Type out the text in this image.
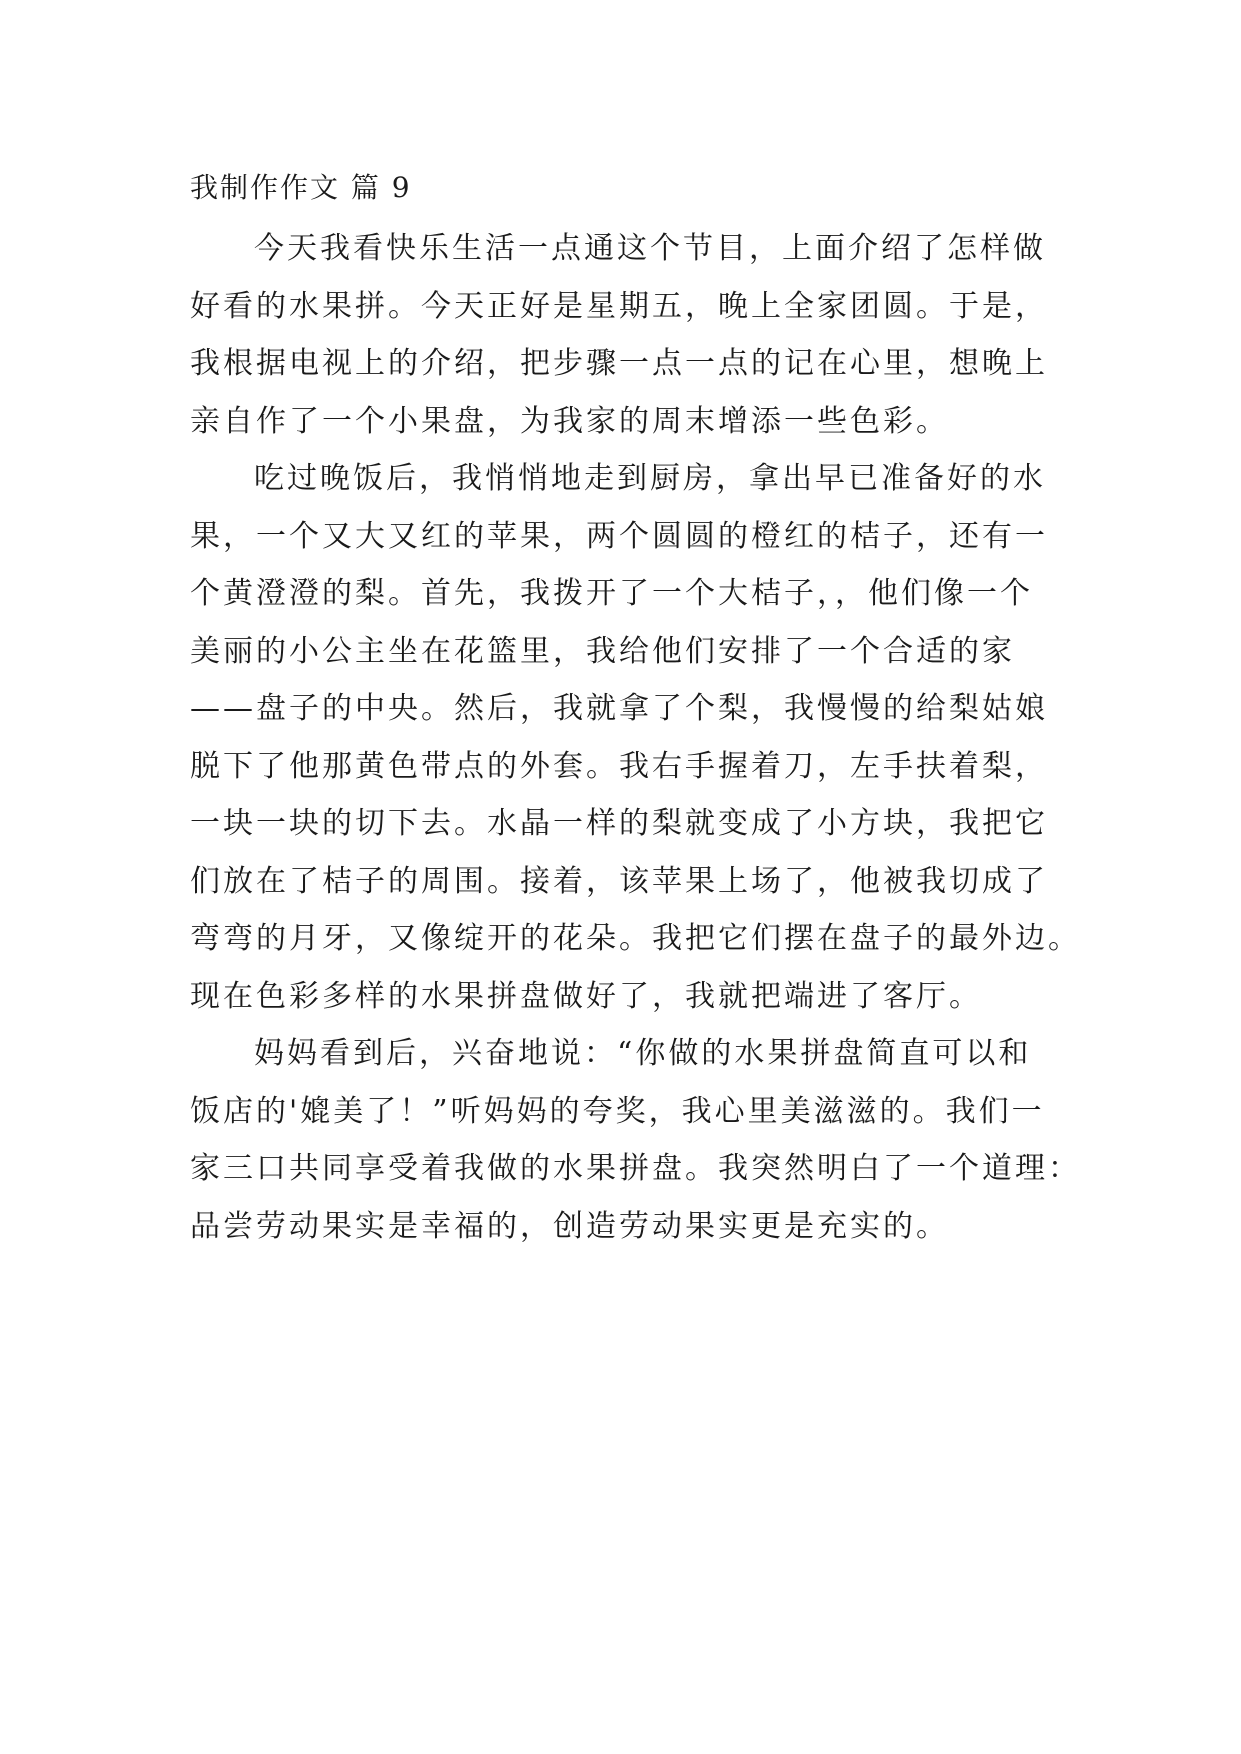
我制作作文 篇 9
今天我看快乐生活一点通这个节目，上面介绍了怎样做
好看的水果拼。今天正好是星期五，晚上全家团圆。于是，
我根据电视上的介绍，把步骤一点一点的记在心里，想晚上
亲自作了一个小果盘，为我家的周末增添一些色彩。
吃过晚饭后，我悄悄地走到厨房，拿出早已准备好的水
果，一个又大又红的苹果，两个圆圆的橙红的桔子，还有一
个黄澄澄的梨。首先，我拨开了一个大桔子，，他们像一个
美丽的小公主坐在花篮里，我给他们安排了一个合适的家
——盘子的中央。然后，我就拿了个梨，我慢慢的给梨姑娘
脱下了他那黄色带点的外套。我右手握着刀，左手扶着梨，
一块一块的切下去。水晶一样的梨就变成了小方块，我把它
们放在了桔子的周围。接着，该苹果上场了，他被我切成了
弯弯的月牙，又像绽开的花朵。我把它们摆在盘子的最外边。
现在色彩多样的水果拼盘做好了，我就把端进了客厅。
妈妈看到后，兴奋地说：“你做的水果拼盘简直可以和
饭店的'媲美了！”听妈妈的夸奖，我心里美滋滋的。我们一
家三口共同享受着我做的水果拼盘。我突然明白了一个道理：
品尝劳动果实是幸福的，创造劳动果实更是充实的。
